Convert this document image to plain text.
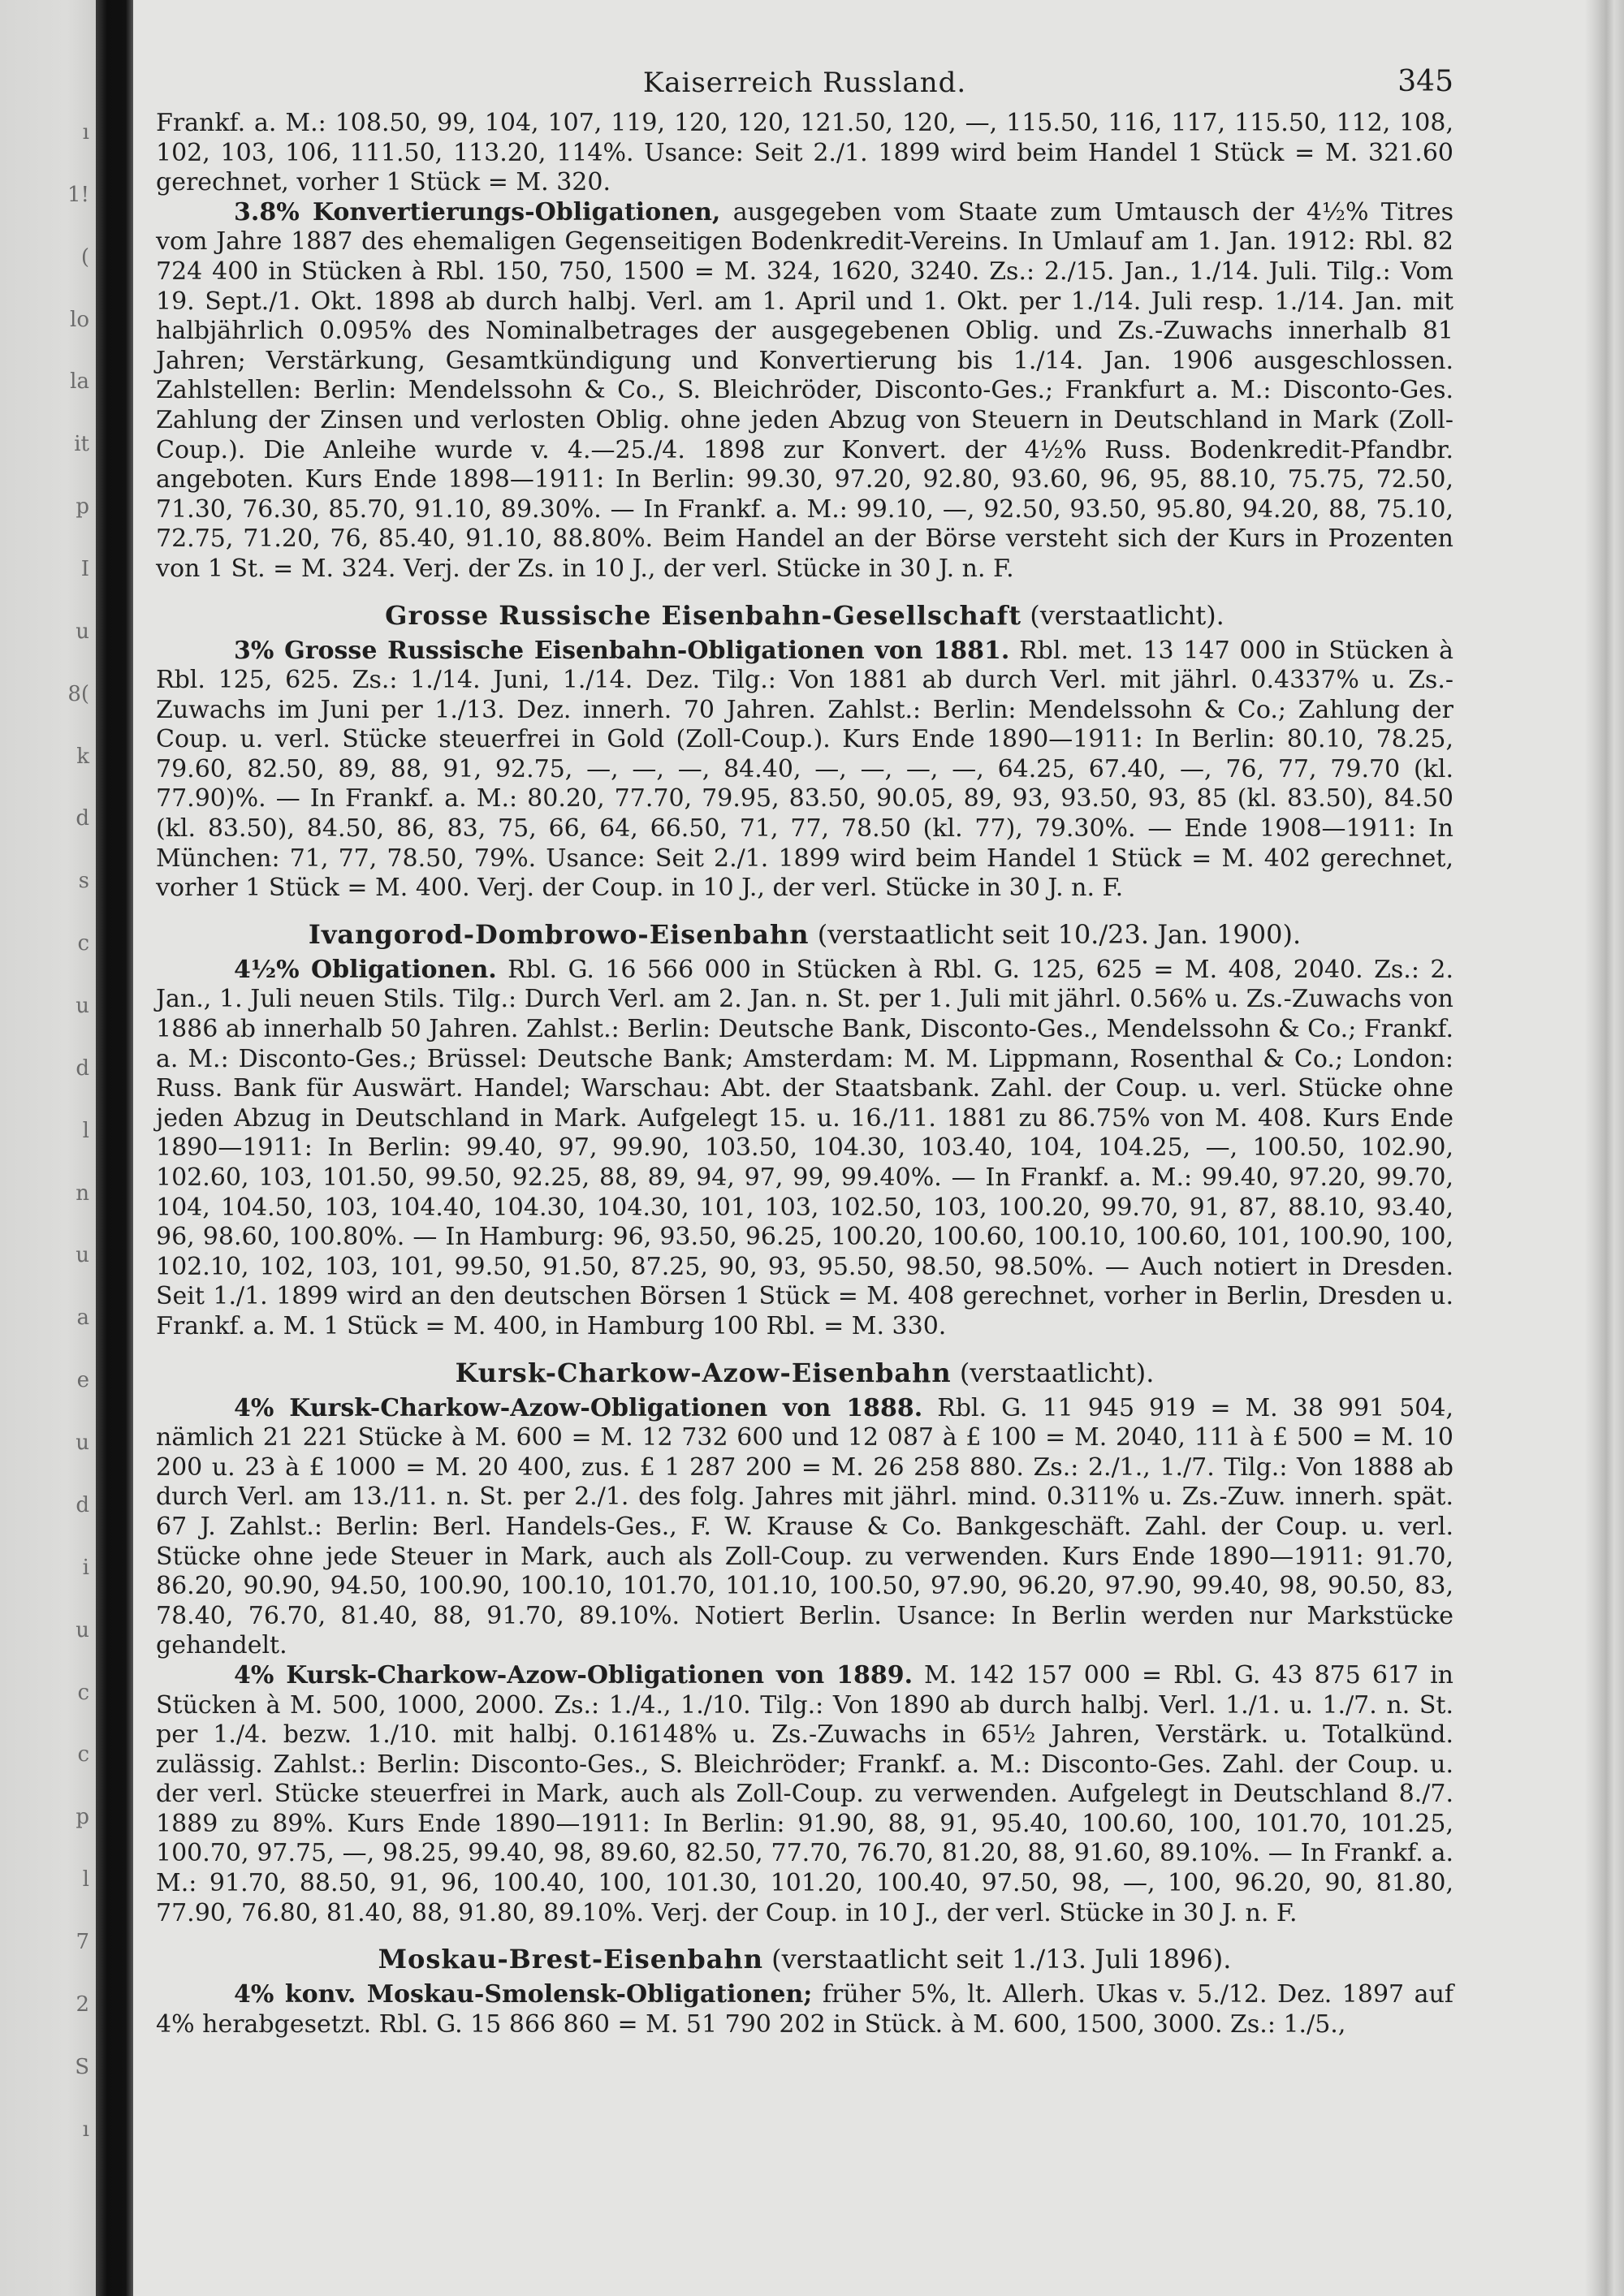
ı
1!
(
lo
la
it
p
I
u
8(
k
d
s
c
u
d
l
n
u
a
e
u
d
i
u
c
c
p
l
7
2
S
ı
Kaiserreich Russland.	345

Frankf. a. M.: 108.50, 99, 104, 107, 119, 120, 120, 121.50, 120, —, 115.50, 116, 117, 115.50, 112, 108, 102, 103, 106, 111.50, 113.20, 114%. Usance: Seit 2./1. 1899 wird beim Handel 1 Stück = M. 321.60 gerechnet, vorher 1 Stück = M. 320.

3.8% Konvertierungs-Obligationen, ausgegeben vom Staate zum Umtausch der 4½% Titres vom Jahre 1887 des ehemaligen Gegenseitigen Bodenkredit-Vereins. In Umlauf am 1. Jan. 1912: Rbl. 82 724 400 in Stücken à Rbl. 150, 750, 1500 = M. 324, 1620, 3240. Zs.: 2./15. Jan., 1./14. Juli. Tilg.: Vom 19. Sept./1. Okt. 1898 ab durch halbj. Verl. am 1. April und 1. Okt. per 1./14. Juli resp. 1./14. Jan. mit halbjährlich 0.095% des Nominalbetrages der ausgegebenen Oblig. und Zs.-Zuwachs innerhalb 81 Jahren; Verstärkung, Gesamtkündigung und Konvertierung bis 1./14. Jan. 1906 ausgeschlossen. Zahlstellen: Berlin: Mendelssohn & Co., S. Bleichröder, Disconto-Ges.; Frankfurt a. M.: Disconto-Ges. Zahlung der Zinsen und verlosten Oblig. ohne jeden Abzug von Steuern in Deutschland in Mark (Zoll-Coup.). Die Anleihe wurde v. 4.—25./4. 1898 zur Konvert. der 4½% Russ. Bodenkredit-Pfandbr. angeboten. Kurs Ende 1898—1911: In Berlin: 99.30, 97.20, 92.80, 93.60, 96, 95, 88.10, 75.75, 72.50, 71.30, 76.30, 85.70, 91.10, 89.30%. — In Frankf. a. M.: 99.10, —, 92.50, 93.50, 95.80, 94.20, 88, 75.10, 72.75, 71.20, 76, 85.40, 91.10, 88.80%. Beim Handel an der Börse versteht sich der Kurs in Prozenten von 1 St. = M. 324. Verj. der Zs. in 10 J., der verl. Stücke in 30 J. n. F.

Grosse Russische Eisenbahn-Gesellschaft (verstaatlicht).

3% Grosse Russische Eisenbahn-Obligationen von 1881. Rbl. met. 13 147 000 in Stücken à Rbl. 125, 625. Zs.: 1./14. Juni, 1./14. Dez. Tilg.: Von 1881 ab durch Verl. mit jährl. 0.4337% u. Zs.-Zuwachs im Juni per 1./13. Dez. innerh. 70 Jahren. Zahlst.: Berlin: Mendelssohn & Co.; Zahlung der Coup. u. verl. Stücke steuerfrei in Gold (Zoll-Coup.). Kurs Ende 1890—1911: In Berlin: 80.10, 78.25, 79.60, 82.50, 89, 88, 91, 92.75, —, —, —, 84.40, —, —, —, —, 64.25, 67.40, —, 76, 77, 79.70 (kl. 77.90)%. — In Frankf. a. M.: 80.20, 77.70, 79.95, 83.50, 90.05, 89, 93, 93.50, 93, 85 (kl. 83.50), 84.50 (kl. 83.50), 84.50, 86, 83, 75, 66, 64, 66.50, 71, 77, 78.50 (kl. 77), 79.30%. — Ende 1908—1911: In München: 71, 77, 78.50, 79%. Usance: Seit 2./1. 1899 wird beim Handel 1 Stück = M. 402 gerechnet, vorher 1 Stück = M. 400. Verj. der Coup. in 10 J., der verl. Stücke in 30 J. n. F.

Ivangorod-Dombrowo-Eisenbahn (verstaatlicht seit 10./23. Jan. 1900).

4½% Obligationen. Rbl. G. 16 566 000 in Stücken à Rbl. G. 125, 625 = M. 408, 2040. Zs.: 2. Jan., 1. Juli neuen Stils. Tilg.: Durch Verl. am 2. Jan. n. St. per 1. Juli mit jährl. 0.56% u. Zs.-Zuwachs von 1886 ab innerhalb 50 Jahren. Zahlst.: Berlin: Deutsche Bank, Disconto-Ges., Mendelssohn & Co.; Frankf. a. M.: Disconto-Ges.; Brüssel: Deutsche Bank; Amsterdam: M. M. Lippmann, Rosenthal & Co.; London: Russ. Bank für Auswärt. Handel; Warschau: Abt. der Staatsbank. Zahl. der Coup. u. verl. Stücke ohne jeden Abzug in Deutschland in Mark. Aufgelegt 15. u. 16./11. 1881 zu 86.75% von M. 408. Kurs Ende 1890—1911: In Berlin: 99.40, 97, 99.90, 103.50, 104.30, 103.40, 104, 104.25, —, 100.50, 102.90, 102.60, 103, 101.50, 99.50, 92.25, 88, 89, 94, 97, 99, 99.40%. — In Frankf. a. M.: 99.40, 97.20, 99.70, 104, 104.50, 103, 104.40, 104.30, 104.30, 101, 103, 102.50, 103, 100.20, 99.70, 91, 87, 88.10, 93.40, 96, 98.60, 100.80%. — In Hamburg: 96, 93.50, 96.25, 100.20, 100.60, 100.10, 100.60, 101, 100.90, 100, 102.10, 102, 103, 101, 99.50, 91.50, 87.25, 90, 93, 95.50, 98.50, 98.50%. — Auch notiert in Dresden. Seit 1./1. 1899 wird an den deutschen Börsen 1 Stück = M. 408 gerechnet, vorher in Berlin, Dresden u. Frankf. a. M. 1 Stück = M. 400, in Hamburg 100 Rbl. = M. 330.

Kursk-Charkow-Azow-Eisenbahn (verstaatlicht).

4% Kursk-Charkow-Azow-Obligationen von 1888. Rbl. G. 11 945 919 = M. 38 991 504, nämlich 21 221 Stücke à M. 600 = M. 12 732 600 und 12 087 à £ 100 = M. 2040, 111 à £ 500 = M. 10 200 u. 23 à £ 1000 = M. 20 400, zus. £ 1 287 200 = M. 26 258 880. Zs.: 2./1., 1./7. Tilg.: Von 1888 ab durch Verl. am 13./11. n. St. per 2./1. des folg. Jahres mit jährl. mind. 0.311% u. Zs.-Zuw. innerh. spät. 67 J. Zahlst.: Berlin: Berl. Handels-Ges., F. W. Krause & Co. Bankgeschäft. Zahl. der Coup. u. verl. Stücke ohne jede Steuer in Mark, auch als Zoll-Coup. zu verwenden. Kurs Ende 1890—1911: 91.70, 86.20, 90.90, 94.50, 100.90, 100.10, 101.70, 101.10, 100.50, 97.90, 96.20, 97.90, 99.40, 98, 90.50, 83, 78.40, 76.70, 81.40, 88, 91.70, 89.10%. Notiert Berlin. Usance: In Berlin werden nur Markstücke gehandelt.

4% Kursk-Charkow-Azow-Obligationen von 1889. M. 142 157 000 = Rbl. G. 43 875 617 in Stücken à M. 500, 1000, 2000. Zs.: 1./4., 1./10. Tilg.: Von 1890 ab durch halbj. Verl. 1./1. u. 1./7. n. St. per 1./4. bezw. 1./10. mit halbj. 0.16148% u. Zs.-Zuwachs in 65½ Jahren, Verstärk. u. Totalkünd. zulässig. Zahlst.: Berlin: Disconto-Ges., S. Bleichröder; Frankf. a. M.: Disconto-Ges. Zahl. der Coup. u. der verl. Stücke steuerfrei in Mark, auch als Zoll-Coup. zu verwenden. Aufgelegt in Deutschland 8./7. 1889 zu 89%. Kurs Ende 1890—1911: In Berlin: 91.90, 88, 91, 95.40, 100.60, 100, 101.70, 101.25, 100.70, 97.75, —, 98.25, 99.40, 98, 89.60, 82.50, 77.70, 76.70, 81.20, 88, 91.60, 89.10%. — In Frankf. a. M.: 91.70, 88.50, 91, 96, 100.40, 100, 101.30, 101.20, 100.40, 97.50, 98, —, 100, 96.20, 90, 81.80, 77.90, 76.80, 81.40, 88, 91.80, 89.10%. Verj. der Coup. in 10 J., der verl. Stücke in 30 J. n. F.

Moskau-Brest-Eisenbahn (verstaatlicht seit 1./13. Juli 1896).

4% konv. Moskau-Smolensk-Obligationen; früher 5%, lt. Allerh. Ukas v. 5./12. Dez. 1897 auf 4% herabgesetzt. Rbl. G. 15 866 860 = M. 51 790 202 in Stück. à M. 600, 1500, 3000. Zs.: 1./5.,
